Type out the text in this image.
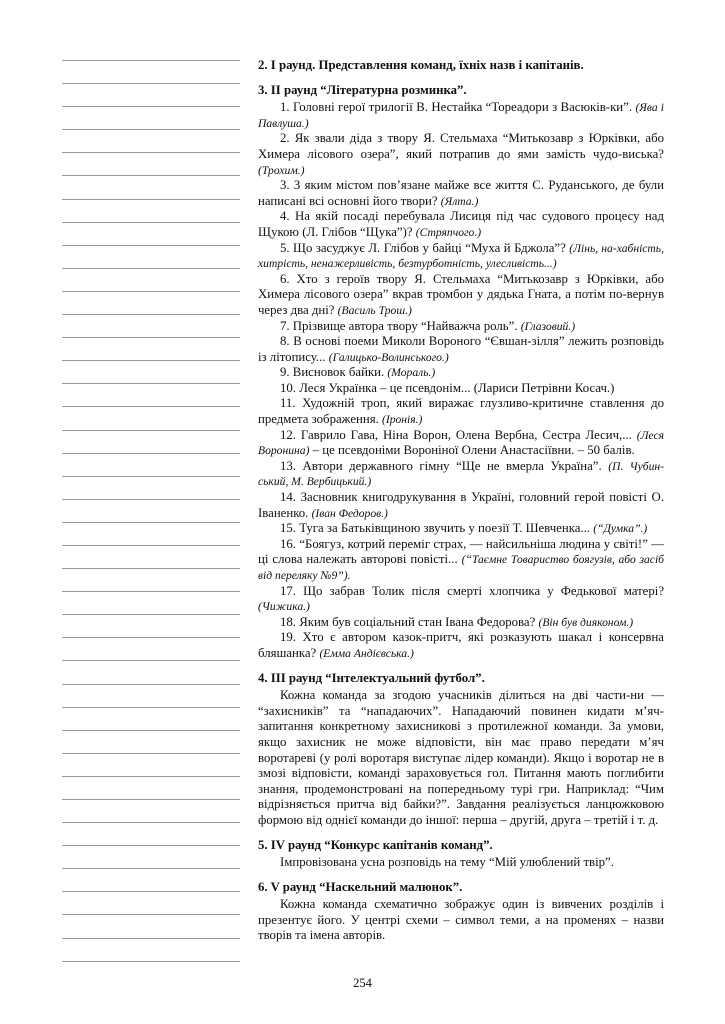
2. І раунд. Представлення команд, їхніх назв і капітанів.
3. ІІ раунд “Літературна розминка”.

1. Головні герої трилогії В. Нестайка “Тореадори з Васюків-ки”. (Ява і Павлуша.)

2. Як звали діда з твору Я. Стельмаха “Митькозавр з Юрківки, або Химера лісового озера”, який потрапив до ями замість чудо-виська? (Трохим.)

3. З яким містом пов’язане майже все життя С. Руданського, де були написані всі основні його твори? (Ялта.)

4. На якій посаді перебувала Лисиця під час судового процесу над Щукою (Л. Глібов “Щука”)? (Стряпчого.)

5. Що засуджує Л. Глібов у байці “Муха й Бджола”? (Лінь, на-хабність, хитрість, ненажерливість, безтурботність, улесливість...)

6. Хто з героїв твору Я. Стельмаха “Митькозавр з Юрківки, або Химера лісового озера” вкрав тромбон у дядька Гната, а потім по-вернув через два дні? (Василь Трош.)

7. Прізвище автора твору “Найважча роль”. (Глазовий.)

8. В основі поеми Миколи Вороного “Євшан-зілля” лежить розповідь із літопису... (Галицько-Волинського.)

9. Висновок байки. (Мораль.)

10. Леся Українка ‒ це псевдонім... (Лариси Петрівни Косач.)

11. Художній троп, який виражає глузливо-критичне ставлення до предмета зображення. (Іронія.)

12. Гаврило Гава, Ніна Ворон, Олена Вербна, Сестра Лесич,... (Леся Воронина) ‒ це псевдоніми Вороніної Олени Анастасіївни. ‒ 50 балів.

13. Автори державного гімну “Ще не вмерла Україна”. (П. Чубин-ський, М. Вербицький.)

14. Засновник книгодрукування в Україні, головний герой повісті О. Іваненко. (Іван Федоров.)

15. Туга за Батьківщиною звучить у поезії Т. Шевченка... (“Думка”.)

16. “Боягуз, котрий переміг страх, — найсильніша людина у світі!” — ці слова належать авторові повісті... (“Таємне Товариство боягузів, або засіб від переляку №9”).

17. Що забрав Толик після смерті хлопчика у Федькової матері? (Чижика.)

18. Яким був соціальний стан Івана Федорова? (Він був дияконом.)

19. Хто є автором казок-притч, які розказують шакал і консервна бляшанка? (Емма Андієвська.)

4. ІІІ раунд “Інтелектуальний футбол”.

Кожна команда за згодою учасників ділиться на дві части-ни — “захисників” та “нападаючих”. Нападаючий повинен кидати м’яч-запитання конкретному захисникові з протилежної команди. За умови, якщо захисник не може відповісти, він має право передати м’яч воротареві (у ролі воротаря виступає лідер команди). Якщо і воротар не в змозі відповісти, команді зараховується гол. Питання мають поглибити знання, продемонстровані на попередньому турі гри. Наприклад: “Чим відрізняється притча від байки?”. Завдання реалізується ланцюжковою формою від однієї команди до іншої: перша ‒ другій, друга ‒ третій і т. д.

5. IV раунд “Конкурс капітанів команд”.

Імпровізована усна розповідь на тему “Мій улюблений твір”.

6. V раунд “Наскельний малюнок”.

Кожна команда схематично зображує один із вивчених розділів і презентує його. У центрі схеми ‒ символ теми, а на променях ‒ назви творів та імена авторів.

254
